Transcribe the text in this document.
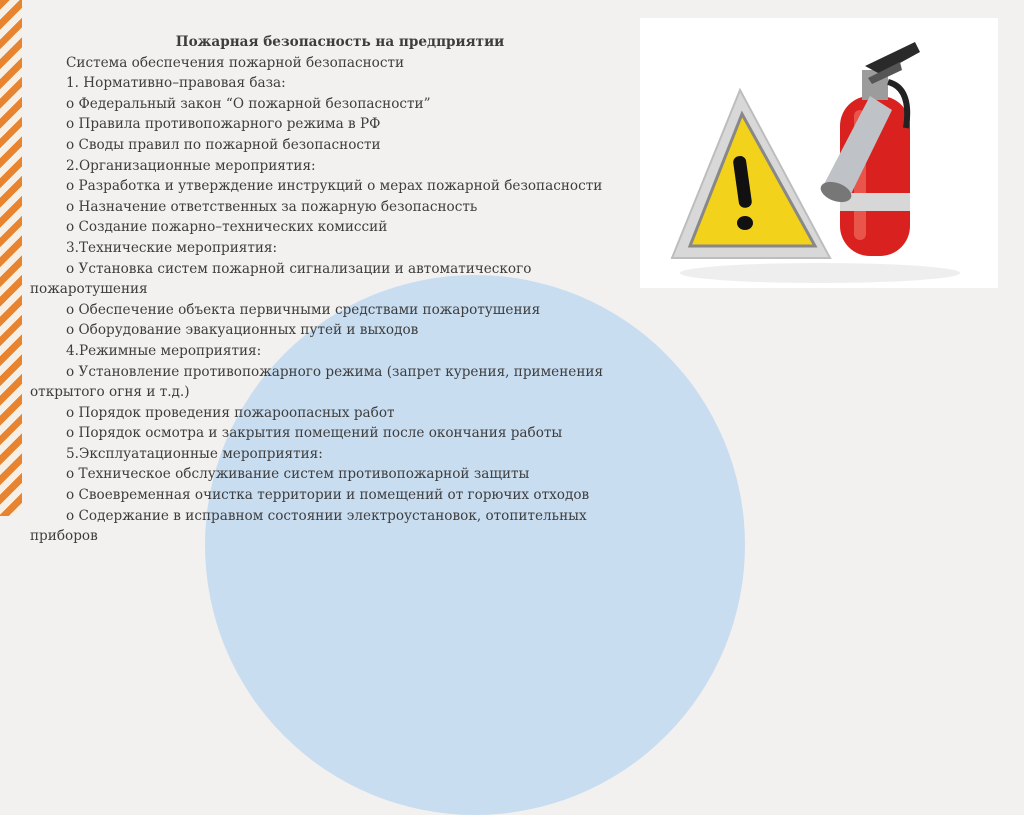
Пожарная безопасность на предприятии
Система обеспечения пожарной безопасности
1. Нормативно–правовая база:
o Федеральный закон “О пожарной безопасности”
o Правила противопожарного режима в РФ
o Своды правил по пожарной безопасности
2.Организационные мероприятия:
o Разработка и утверждение инструкций о мерах пожарной безопасности
o Назначение ответственных за пожарную безопасность
o Создание пожарно–технических комиссий
3.Технические мероприятия:
o Установка систем пожарной сигнализации и автоматического
пожаротушения
o Обеспечение объекта первичными средствами пожаротушения
o Оборудование эвакуационных путей и выходов
4.Режимные мероприятия:
o Установление противопожарного режима (запрет курения, применения
открытого огня и т.д.)
o Порядок проведения пожароопасных работ
o Порядок осмотра и закрытия помещений после окончания работы
5.Эксплуатационные мероприятия:
o Техническое обслуживание систем противопожарной защиты
o Своевременная очистка территории и помещений от горючих отходов
o Содержание в исправном состоянии электроустановок, отопительных
приборов
